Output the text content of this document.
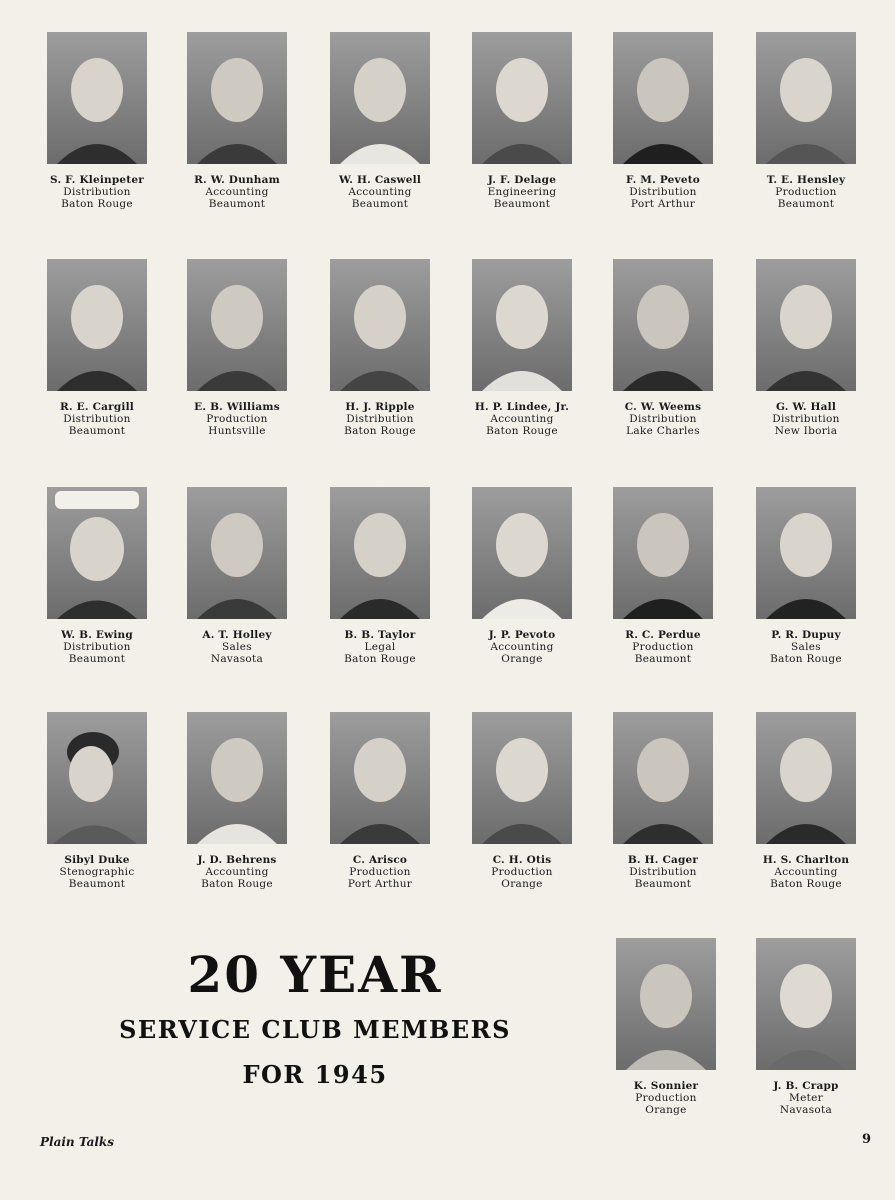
S. F. Kleinpeter
Distribution
Baton Rouge
R. W. Dunham
Accounting
Beaumont
W. H. Caswell
Accounting
Beaumont
J. F. Delage
Engineering
Beaumont
F. M. Peveto
Distribution
Port Arthur
T. E. Hensley
Production
Beaumont
R. E. Cargill
Distribution
Beaumont
E. B. Williams
Production
Huntsville
H. J. Ripple
Distribution
Baton Rouge
H. P. Lindee, Jr.
Accounting
Baton Rouge
C. W. Weems
Distribution
Lake Charles
G. W. Hall
Distribution
New Iboria
W. B. Ewing
Distribution
Beaumont
A. T. Holley
Sales
Navasota
B. B. Taylor
Legal
Baton Rouge
J. P. Pevoto
Accounting
Orange
R. C. Perdue
Production
Beaumont
P. R. Dupuy
Sales
Baton Rouge
Sibyl Duke
Stenographic
Beaumont
J. D. Behrens
Accounting
Baton Rouge
C. Arisco
Production
Port Arthur
C. H. Otis
Production
Orange
B. H. Cager
Distribution
Beaumont
H. S. Charlton
Accounting
Baton Rouge
K. Sonnier
Production
Orange
J. B. Crapp
Meter
Navasota
20 YEAR
SERVICE CLUB MEMBERS
FOR 1945
Plain Talks	9
